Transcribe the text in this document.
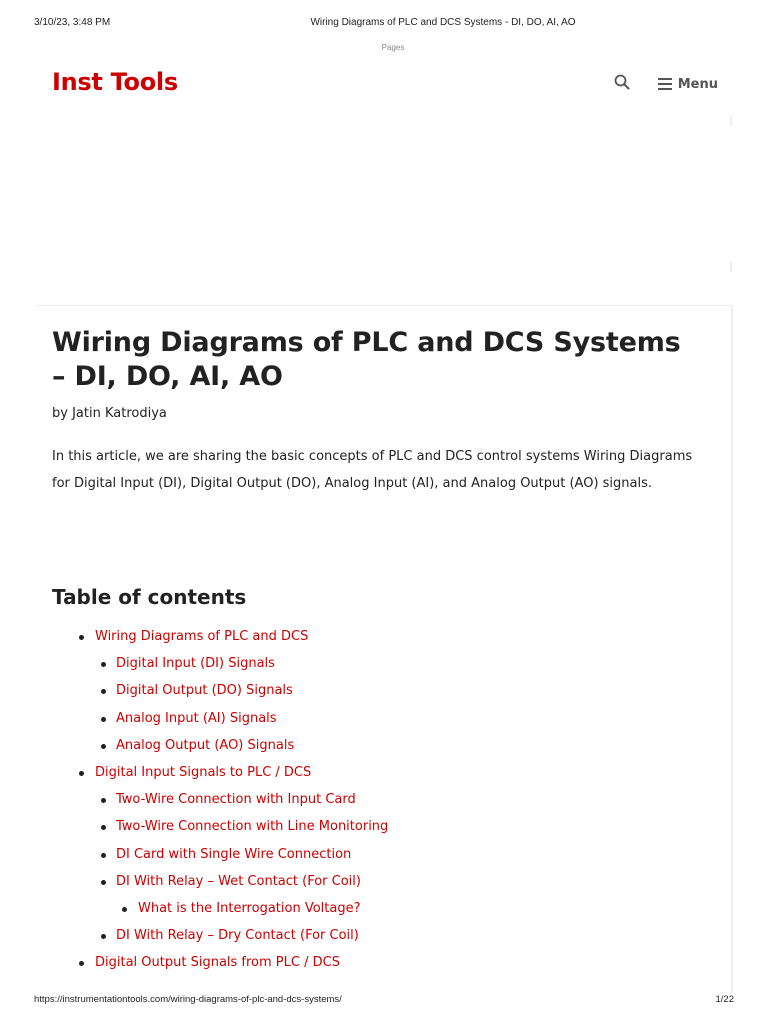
3/10/23, 3:48 PM	Wiring Diagrams of PLC and DCS Systems - DI, DO, AI, AO
Pages
Inst Tools	Menu
Wiring Diagrams of PLC and DCS Systems – DI, DO, AI, AO
by Jatin Katrodiya

In this article, we are sharing the basic concepts of PLC and DCS control systems Wiring Diagrams for Digital Input (DI), Digital Output (DO), Analog Input (AI), and Analog Output (AO) signals.

Table of contents
Wiring Diagrams of PLC and DCS
Digital Input (DI) Signals
Digital Output (DO) Signals
Analog Input (AI) Signals
Analog Output (AO) Signals
Digital Input Signals to PLC / DCS
Two-Wire Connection with Input Card
Two-Wire Connection with Line Monitoring
DI Card with Single Wire Connection
DI With Relay – Wet Contact (For Coil)
What is the Interrogation Voltage?
DI With Relay – Dry Contact (For Coil)
Digital Output Signals from PLC / DCS
https://instrumentationtools.com/wiring-diagrams-of-plc-and-dcs-systems/	1/22
